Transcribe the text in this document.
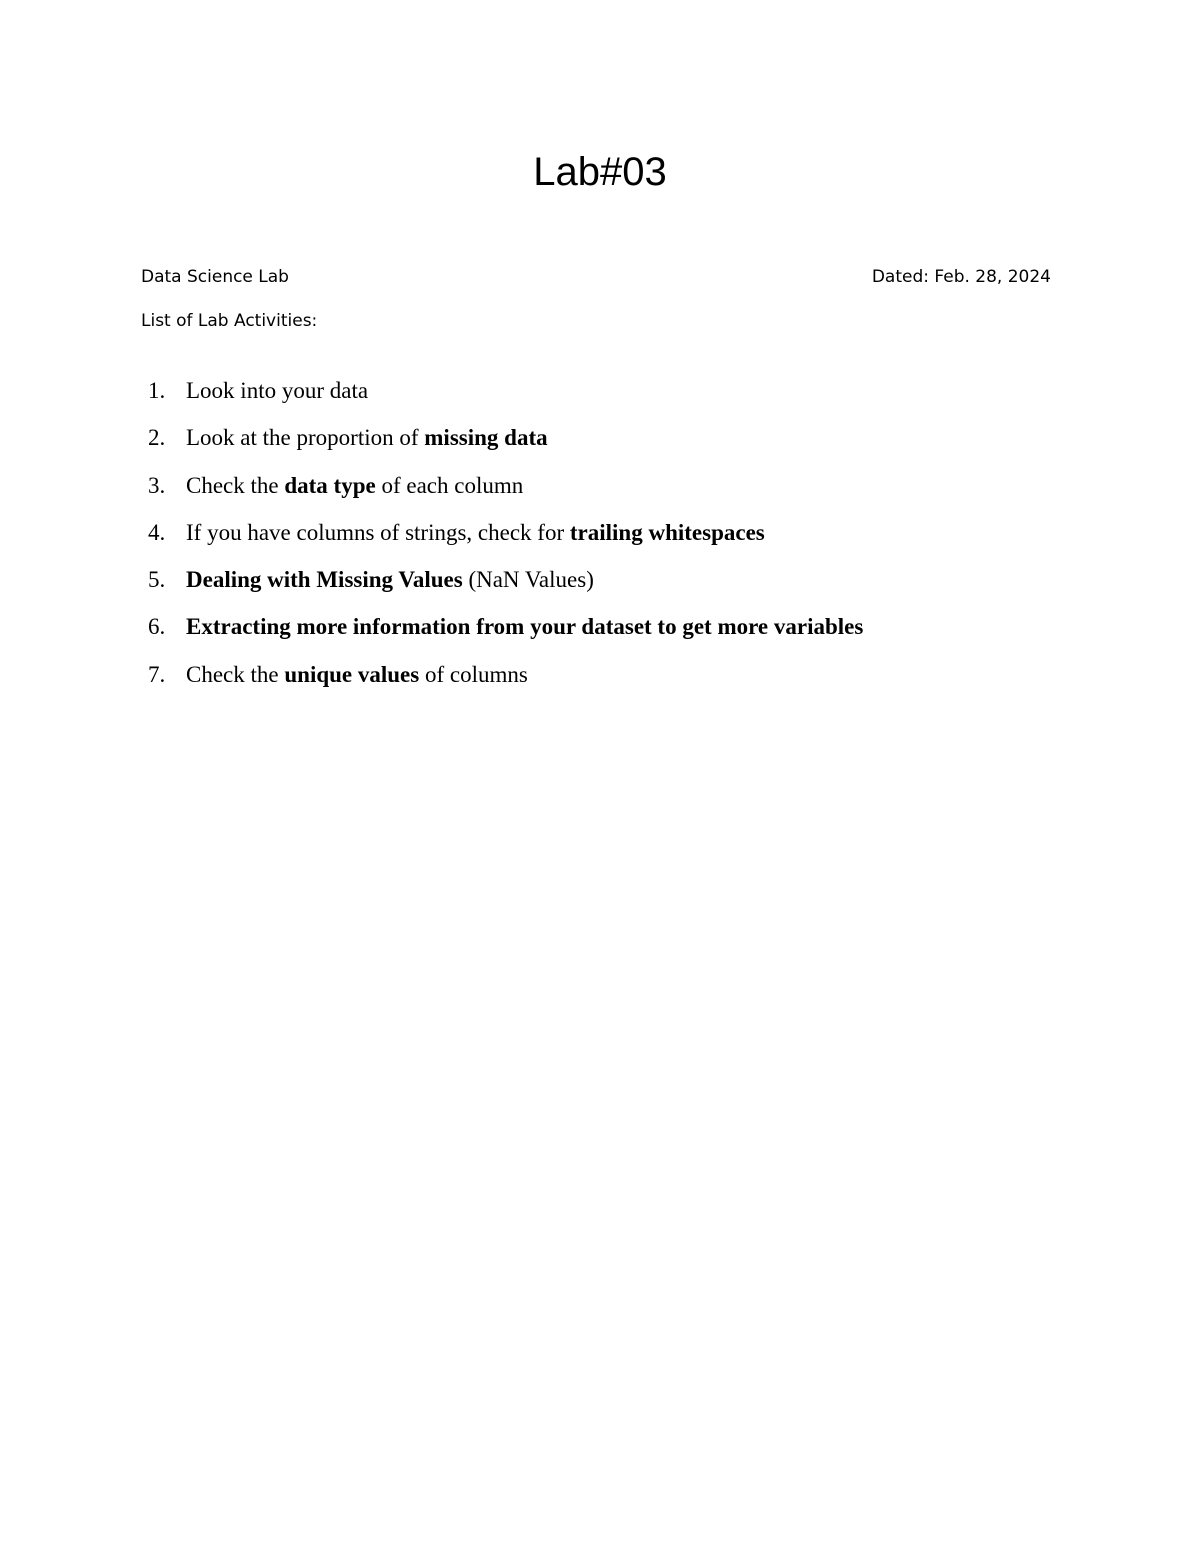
Lab#03
Data Science Lab	Dated: Feb. 28, 2024
List of Lab Activities:
1. Look into your data
2. Look at the proportion of missing data
3. Check the data type of each column
4. If you have columns of strings, check for trailing whitespaces
5. Dealing with Missing Values (NaN Values)
6. Extracting more information from your dataset to get more variables
7. Check the unique values of columns
